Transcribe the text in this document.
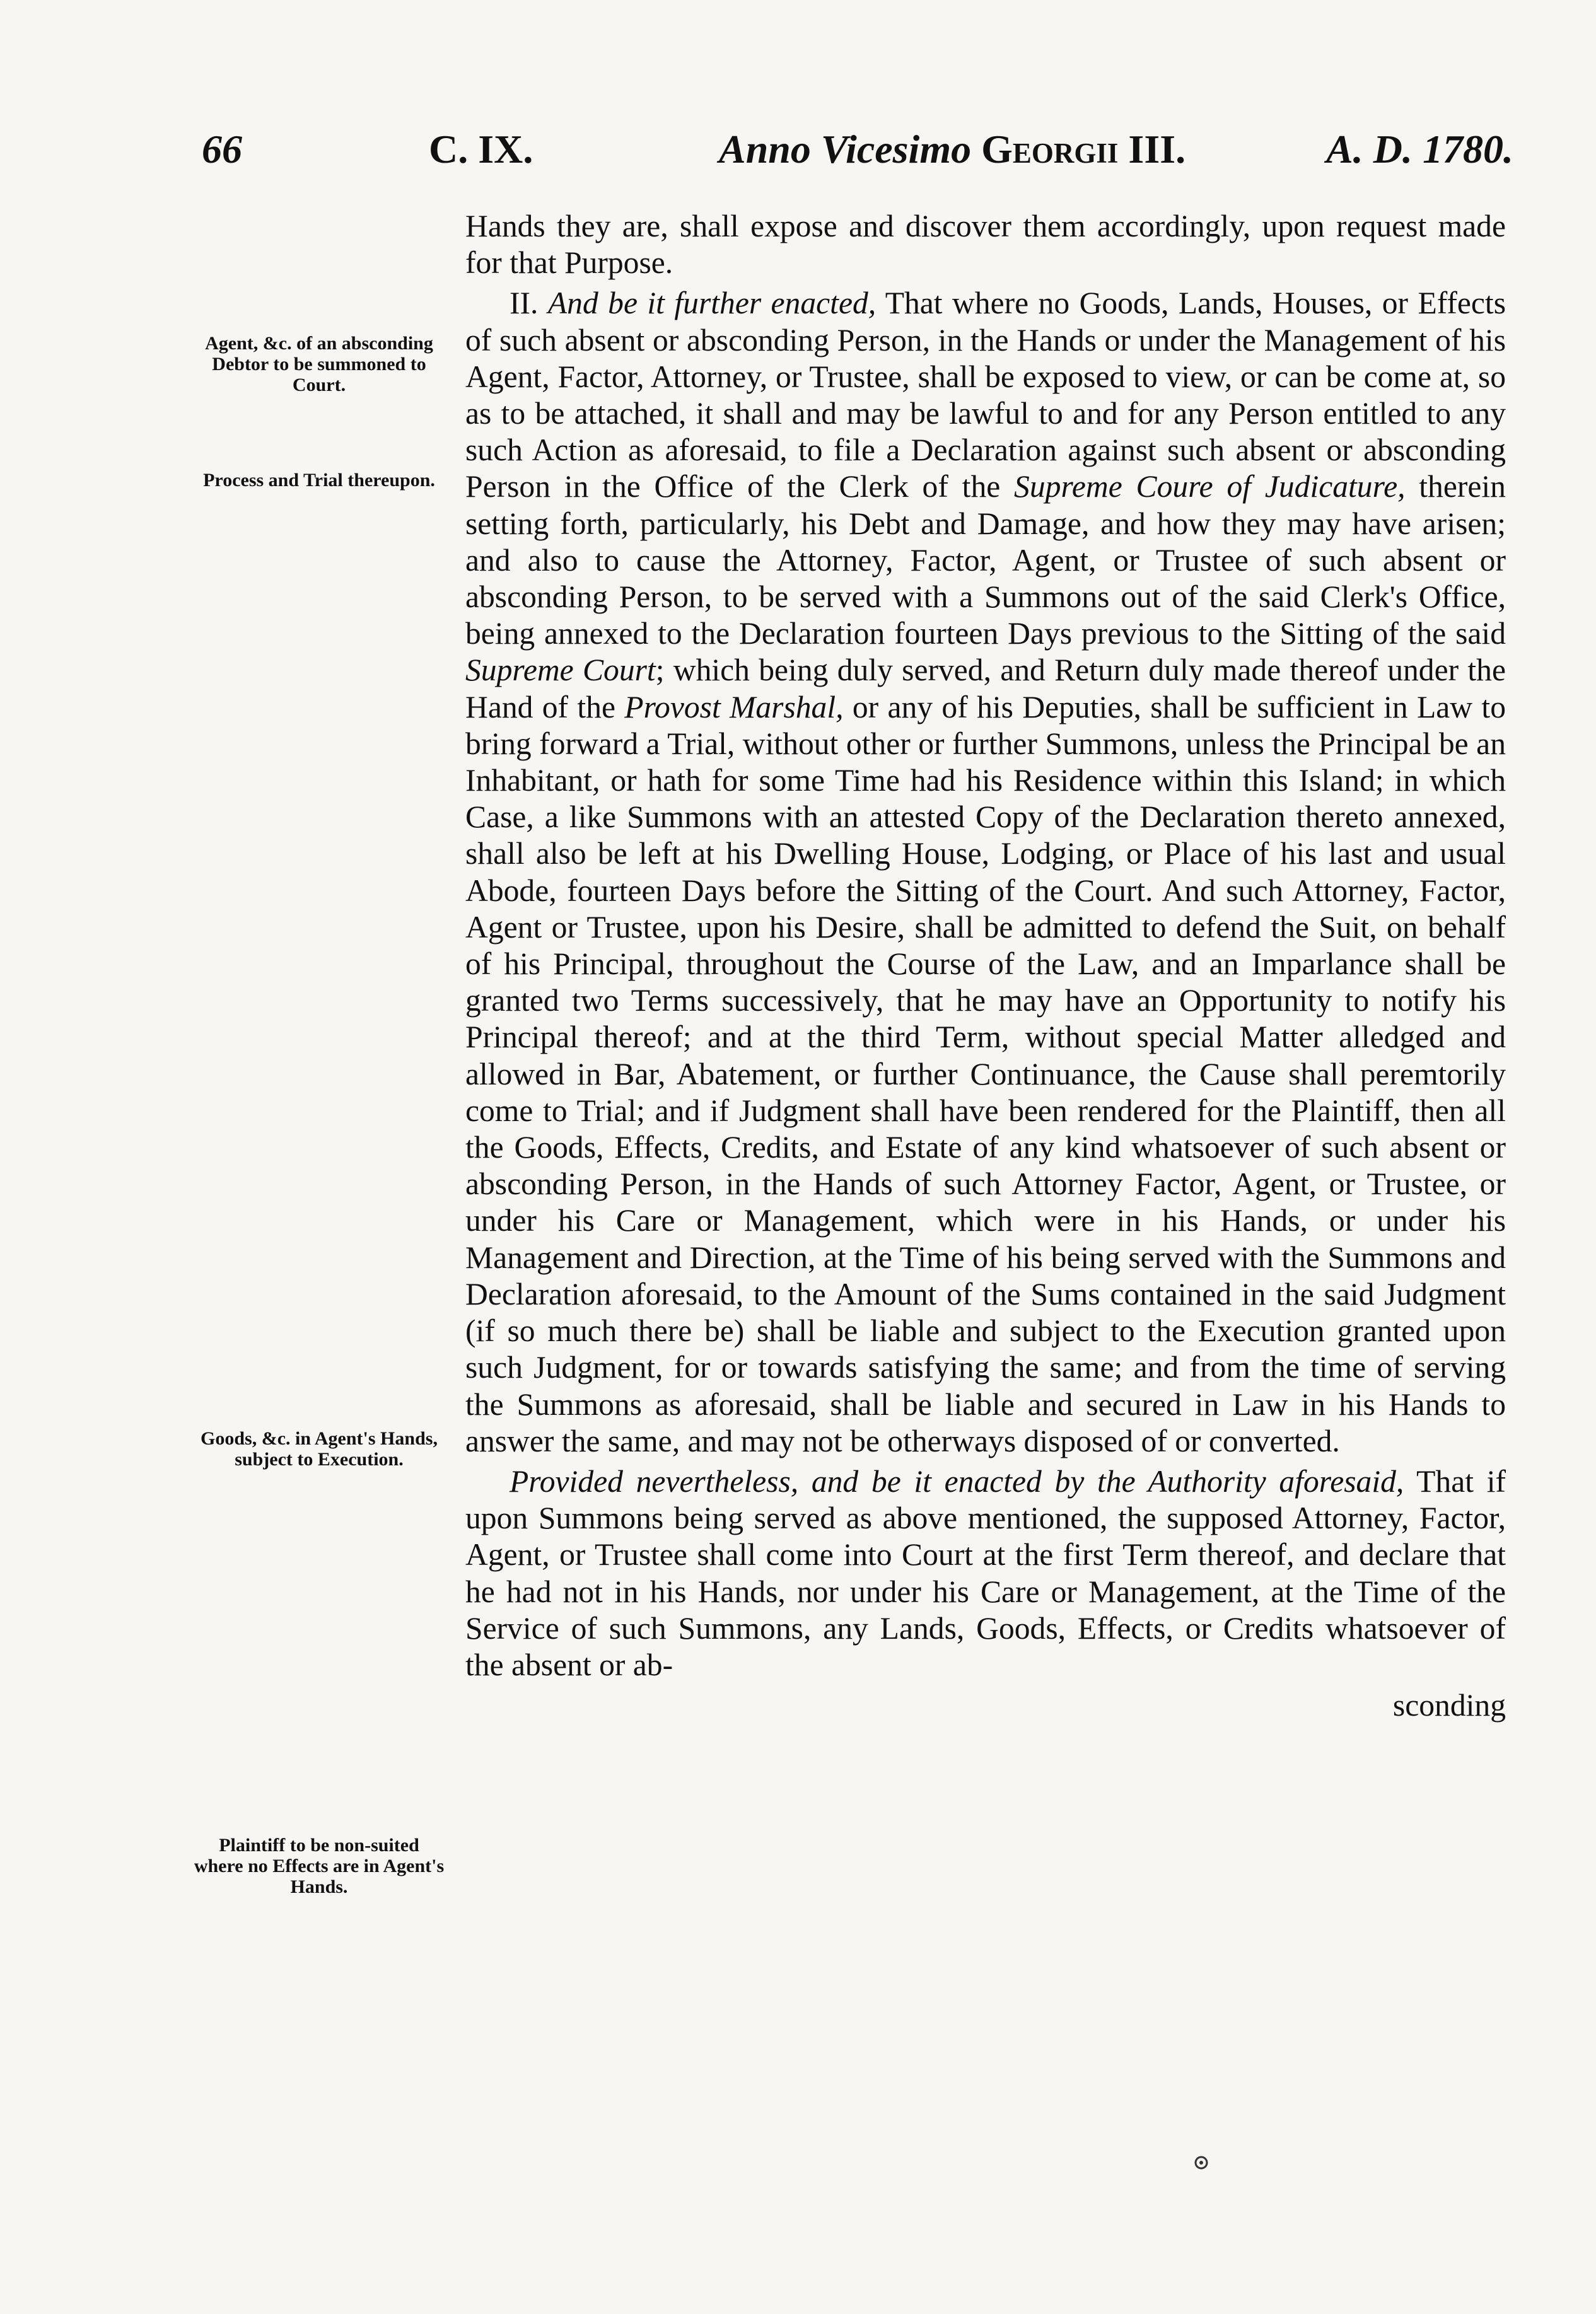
66	C. IX.	Anno Vicesimo Georgii III.	A. D. 1780.
Agent, &c. of an absconding Debtor to be summoned to Court.
Process and Trial thereupon.
Goods, &c. in Agent's Hands, subject to Execution.
Plaintiff to be non-suited where no Effects are in Agent's Hands.

Hands they are, shall expose and discover them accordingly, upon request made for that Purpose.

II. And be it further enacted, That where no Goods, Lands, Houses, or Effects of such absent or absconding Person, in the Hands or under the Management of his Agent, Factor, Attorney, or Trustee, shall be exposed to view, or can be come at, so as to be attached, it shall and may be lawful to and for any Person entitled to any such Action as aforesaid, to file a Declaration against such absent or absconding Person in the Office of the Clerk of the Supreme Coure of Judicature, therein setting forth, particularly, his Debt and Damage, and how they may have arisen; and also to cause the Attorney, Factor, Agent, or Trustee of such absent or absconding Person, to be served with a Summons out of the said Clerk's Office, being annexed to the Declaration fourteen Days previous to the Sitting of the said Supreme Court; which being duly served, and Return duly made thereof under the Hand of the Provost Marshal, or any of his Deputies, shall be sufficient in Law to bring forward a Trial, without other or further Summons, unless the Principal be an Inhabitant, or hath for some Time had his Residence within this Island; in which Case, a like Summons with an attested Copy of the Declaration thereto annexed, shall also be left at his Dwelling House, Lodging, or Place of his last and usual Abode, fourteen Days before the Sitting of the Court. And such Attorney, Factor, Agent or Trustee, upon his Desire, shall be admitted to defend the Suit, on behalf of his Principal, throughout the Course of the Law, and an Imparlance shall be granted two Terms successively, that he may have an Opportunity to notify his Principal thereof; and at the third Term, without special Matter alledged and allowed in Bar, Abatement, or further Continuance, the Cause shall peremtorily come to Trial; and if Judgment shall have been rendered for the Plaintiff, then all the Goods, Effects, Credits, and Estate of any kind whatsoever of such absent or absconding Person, in the Hands of such Attorney Factor, Agent, or Trustee, or under his Care or Management, which were in his Hands, or under his Management and Direction, at the Time of his being served with the Summons and Declaration aforesaid, to the Amount of the Sums contained in the said Judgment (if so much there be) shall be liable and subject to the Execution granted upon such Judgment, for or towards satisfying the same; and from the time of serving the Summons as aforesaid, shall be liable and secured in Law in his Hands to answer the same, and may not be otherways disposed of or converted.

Provided nevertheless, and be it enacted by the Authority aforesaid, That if upon Summons being served as above mentioned, the supposed Attorney, Factor, Agent, or Trustee shall come into Court at the first Term thereof, and declare that he had not in his Hands, nor under his Care or Management, at the Time of the Service of such Summons, any Lands, Goods, Effects, or Credits whatsoever of the absent or ab-

sconding
